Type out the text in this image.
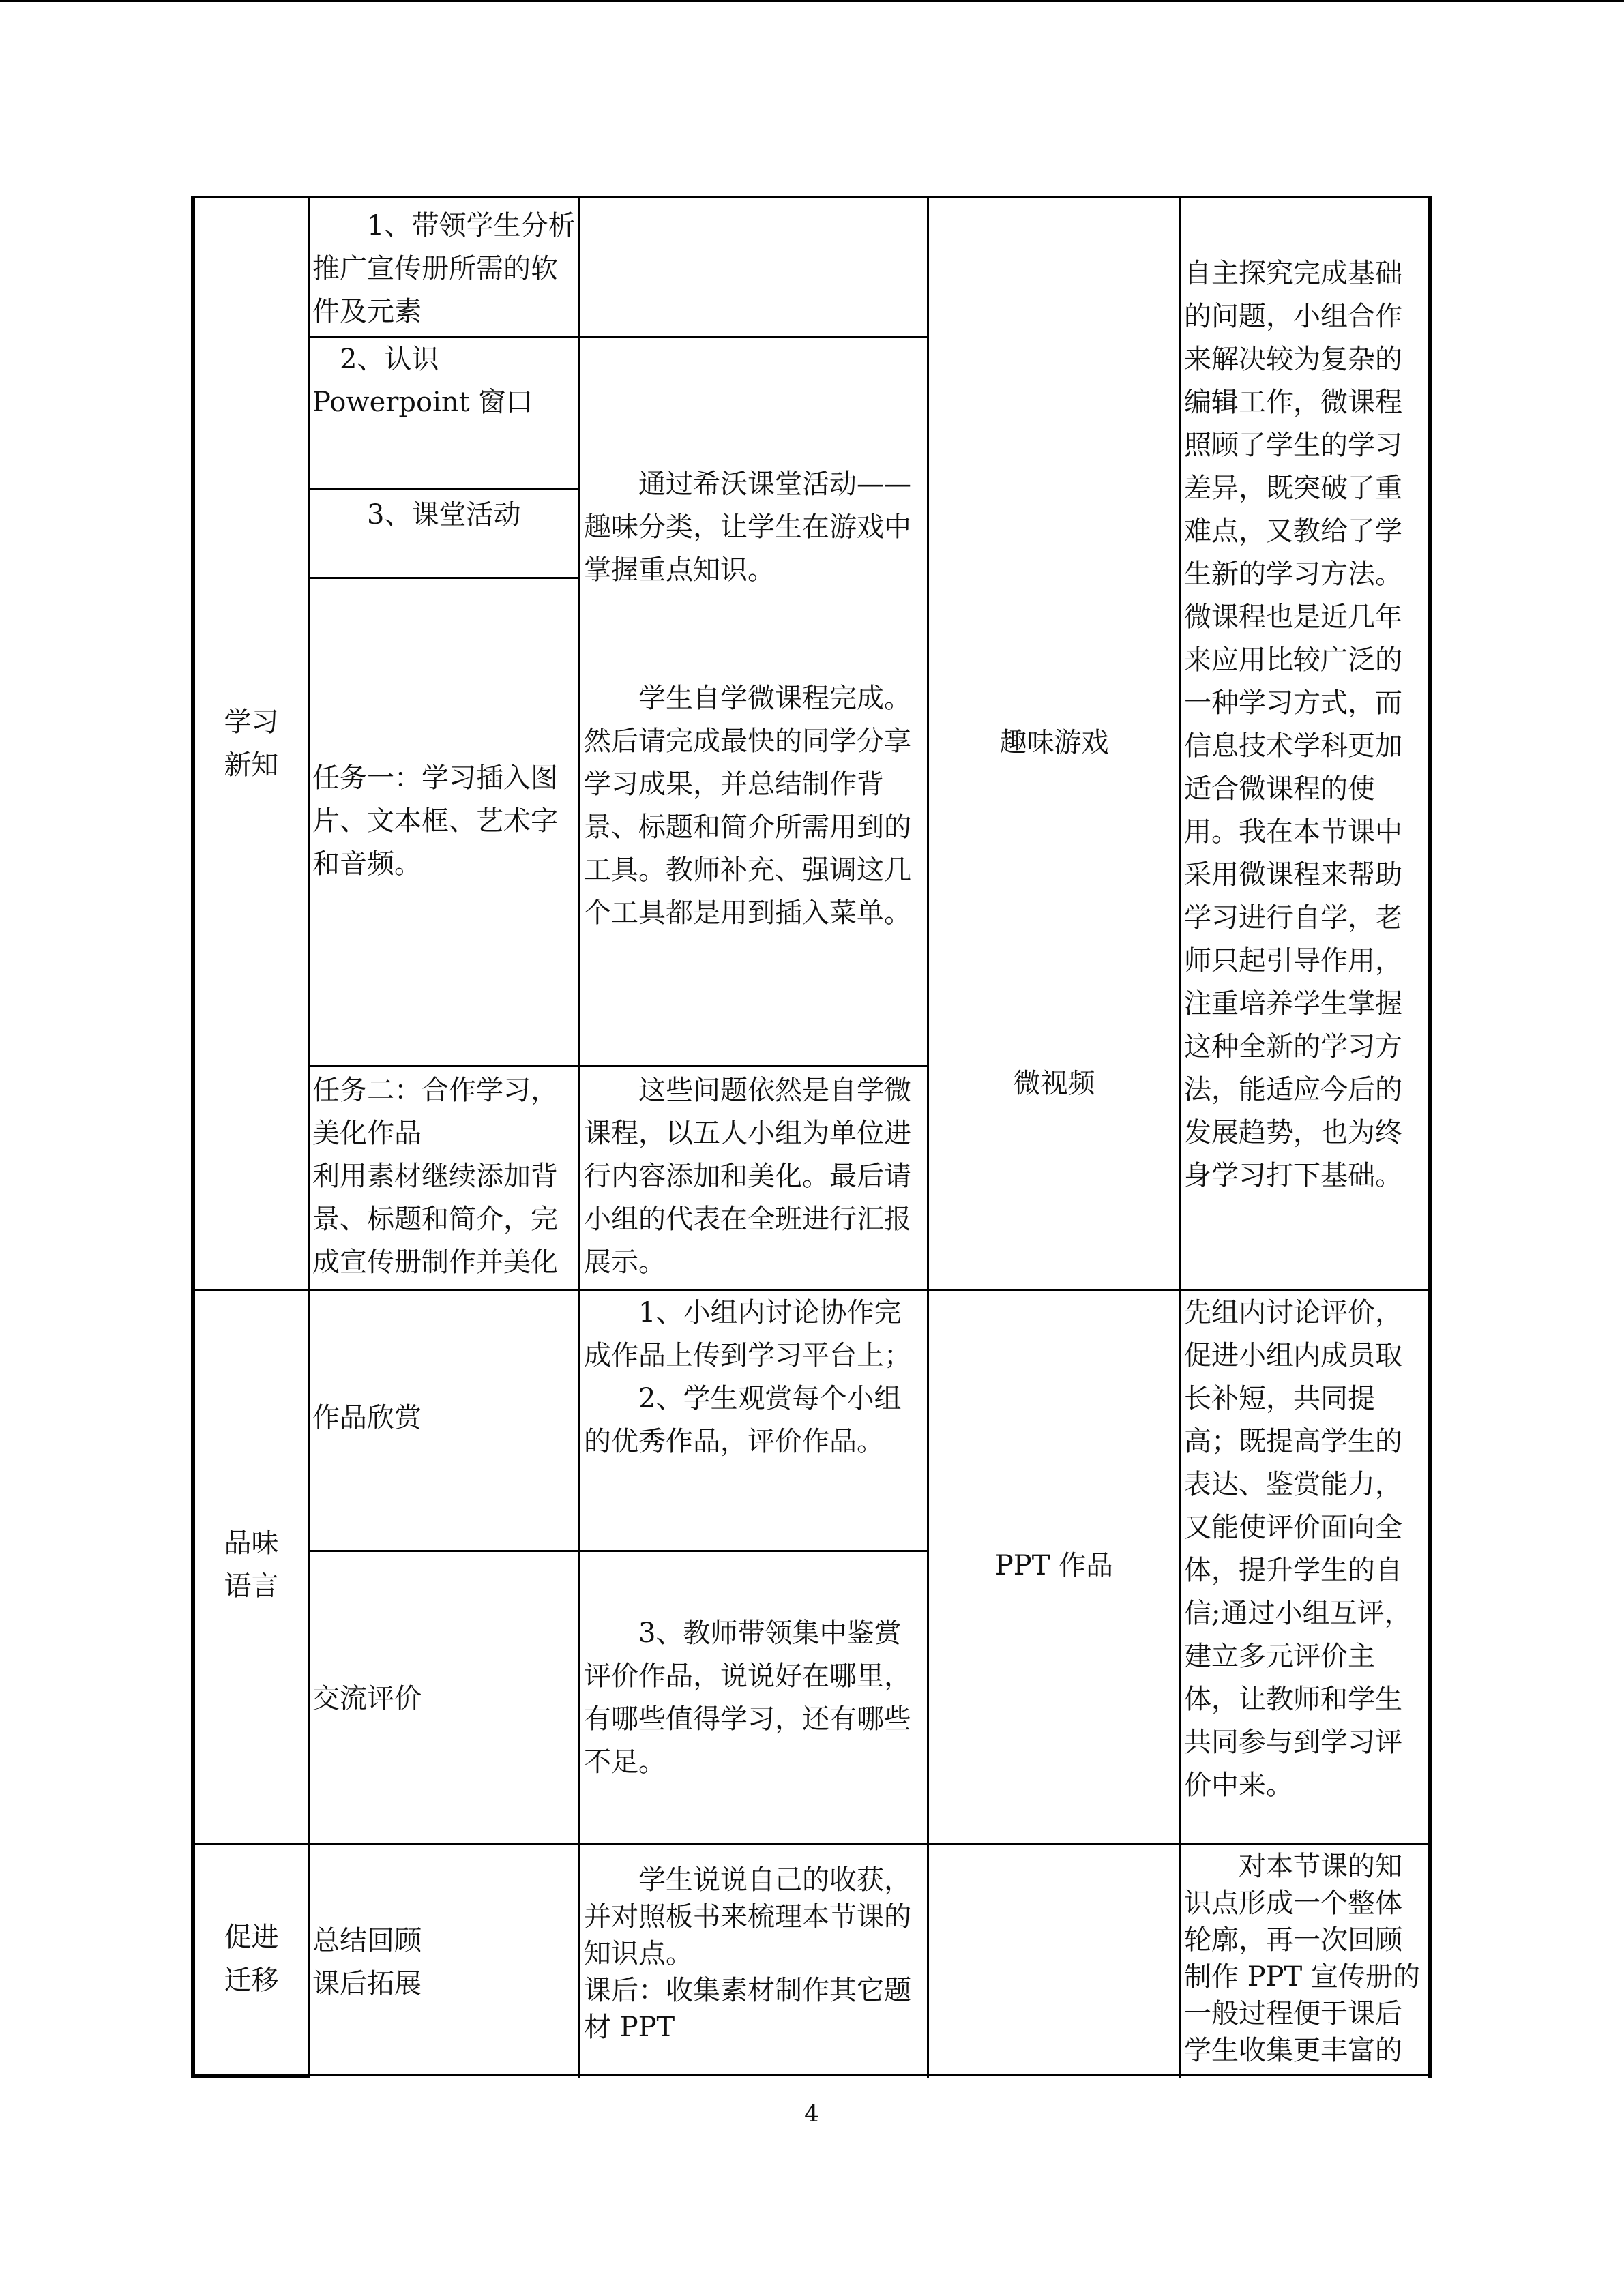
学习
新知
　　1、带领学生分析推广宣传册所需的软件及元素
　2、认识
Powerpoint 窗口
　　3、课堂活动
任务一：学习插入图片、文本框、艺术字和音频。
任务二：合作学习，美化作品
利用素材继续添加背景、标题和简介，完成宣传册制作并美化
　　通过希沃课堂活动——趣味分类，让学生在游戏中掌握重点知识。
　　学生自学微课程完成。然后请完成最快的同学分享学习成果，并总结制作背景、标题和简介所需用到的工具。教师补充、强调这几个工具都是用到插入菜单。
　　这些问题依然是自学微课程，以五人小组为单位进行内容添加和美化。最后请小组的代表在全班进行汇报展示。
趣味游戏
微视频
自主探究完成基础的问题，小组合作来解决较为复杂的编辑工作，微课程照顾了学生的学习差异，既突破了重难点，又教给了学生新的学习方法。微课程也是近几年来应用比较广泛的一种学习方式，而信息技术学科更加适合微课程的使用。我在本节课中采用微课程来帮助学习进行自学，老师只起引导作用，注重培养学生掌握这种全新的学习方法，能适应今后的发展趋势，也为终身学习打下基础。
品味
语言
作品欣赏
交流评价
　　1、小组内讨论协作完成作品上传到学习平台上；
　　2、学生观赏每个小组的优秀作品，评价作品。
　　3、教师带领集中鉴赏评价作品，说说好在哪里，有哪些值得学习，还有哪些不足。
PPT 作品
先组内讨论评价，促进小组内成员取长补短，共同提高；既提高学生的表达、鉴赏能力，又能使评价面向全体，提升学生的自信;通过小组互评，建立多元评价主体，让教师和学生共同参与到学习评价中来。
促进
迁移
总结回顾
课后拓展
　　学生说说自己的收获，并对照板书来梳理本节课的知识点。
课后：收集素材制作其它题材 PPT
　　对本节课的知识点形成一个整体轮廓，再一次回顾制作 PPT 宣传册的一般过程便于课后学生收集更丰富的
4
